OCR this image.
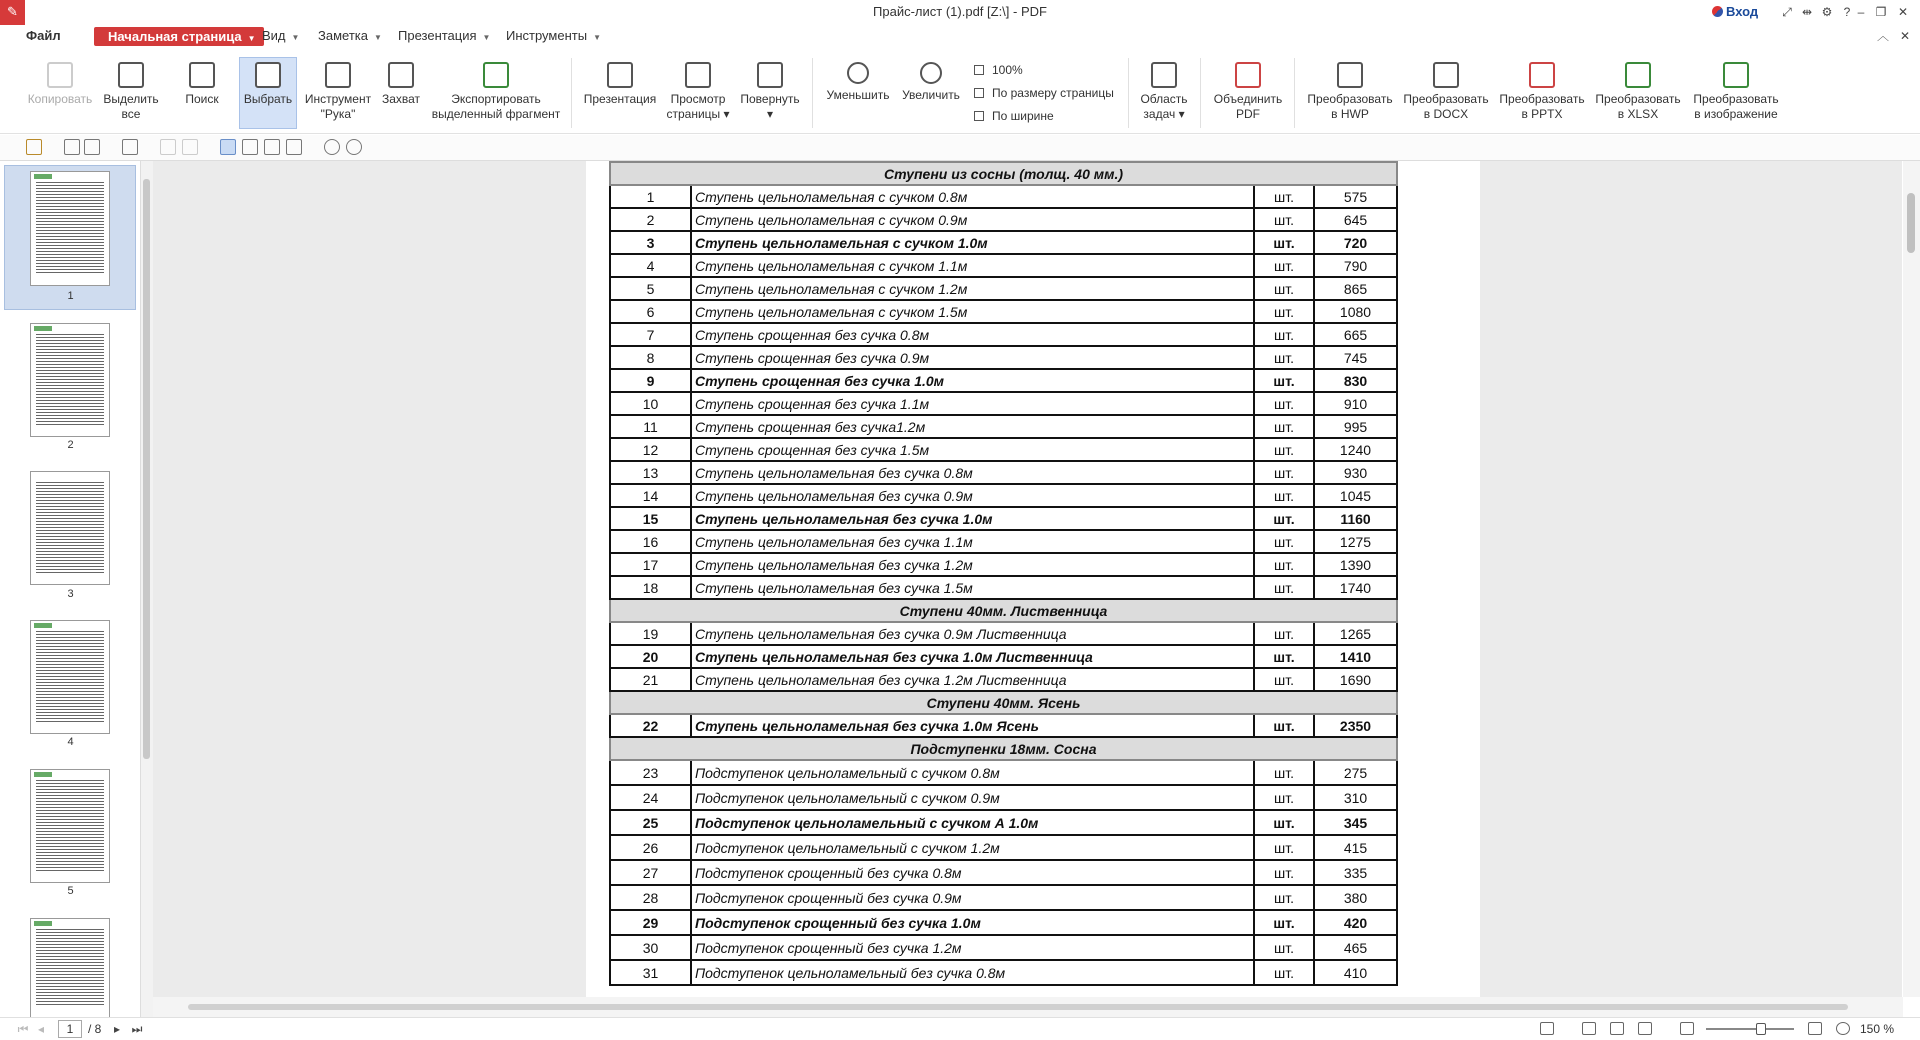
✎	Прайс-лист (1).pdf [Z:\] - PDF	Вход	⤢ ⇹ ⚙ ? – ❐ ✕
Файл	Начальная страница ▼ Вид ▼ Заметка ▼ Презентация ▼ Инструменты ▼	︿ ✕
Копировать Выделить
все
Поиск	Выбрать	Инструмент
"Рука"
Захват	Экспортировать
выделенный фрагмент
Презентация	Просмотр
страницы ▾
Повернуть
▾
Уменьшить	Увеличить
100%
По размеру страницы
По ширине
Область
задач ▾
Объединить
PDF
Преобразовать
в HWP
Преобразовать
в DOCX
Преобразовать
в PPTX
Преобразовать
в XLSX
Преобразовать
в изображение
1
2
3
4
5
Ступени из сосны (толщ. 40 мм.)			
1	Ступень цельноламельная с сучком 0.8м	шт.	575
2	Ступень цельноламельная с сучком 0.9м	шт.	645
3	Ступень цельноламельная с сучком 1.0м	шт.	720
4	Ступень цельноламельная с сучком 1.1м	шт.	790
5	Ступень цельноламельная с сучком 1.2м	шт.	865
6	Ступень цельноламельная с сучком 1.5м	шт.	1080
7	Ступень срощенная без сучка 0.8м	шт.	665
8	Ступень срощенная без сучка 0.9м	шт.	745
9	Ступень срощенная без сучка 1.0м	шт.	830
10	Ступень срощенная без сучка 1.1м	шт.	910
11	Ступень срощенная без сучка1.2м	шт.	995
12	Ступень срощенная без сучка 1.5м	шт.	1240
13	Ступень цельноламельная без сучка 0.8м	шт.	930
14	Ступень цельноламельная без сучка 0.9м	шт.	1045
15	Ступень цельноламельная без сучка 1.0м	шт.	1160
16	Ступень цельноламельная без сучка 1.1м	шт.	1275
17	Ступень цельноламельная без сучка 1.2м	шт.	1390
18	Ступень цельноламельная без сучка 1.5м	шт.	1740
Ступени 40мм. Лиственница			
19	Ступень цельноламельная без сучка 0.9м Лиственница	шт.	1265
20	Ступень цельноламельная без сучка 1.0м Лиственница	шт.	1410
21	Ступень цельноламельная без сучка 1.2м Лиственница	шт.	1690
Ступени 40мм. Ясень			
22	Ступень цельноламельная без сучка 1.0м Ясень	шт.	2350
Подступенки 18мм. Сосна			
23	Подступенок цельноламельный с сучком 0.8м	шт.	275
24	Подступенок цельноламельный с сучком 0.9м	шт.	310
25	Подступенок цельноламельный с сучком А 1.0м	шт.	345
26	Подступенок цельноламельный с сучком 1.2м	шт.	415
27	Подступенок срощенный без сучка 0.8м	шт.	335
28	Подступенок срощенный без сучка 0.9м	шт.	380
29	Подступенок срощенный без сучка 1.0м	шт.	420
30	Подступенок срощенный без сучка 1.2м	шт.	465
31	Подступенок цельноламельный без сучка 0.8м	шт.	410
⏮ ◂	1	/ 8	▸ ⏭	150 %
